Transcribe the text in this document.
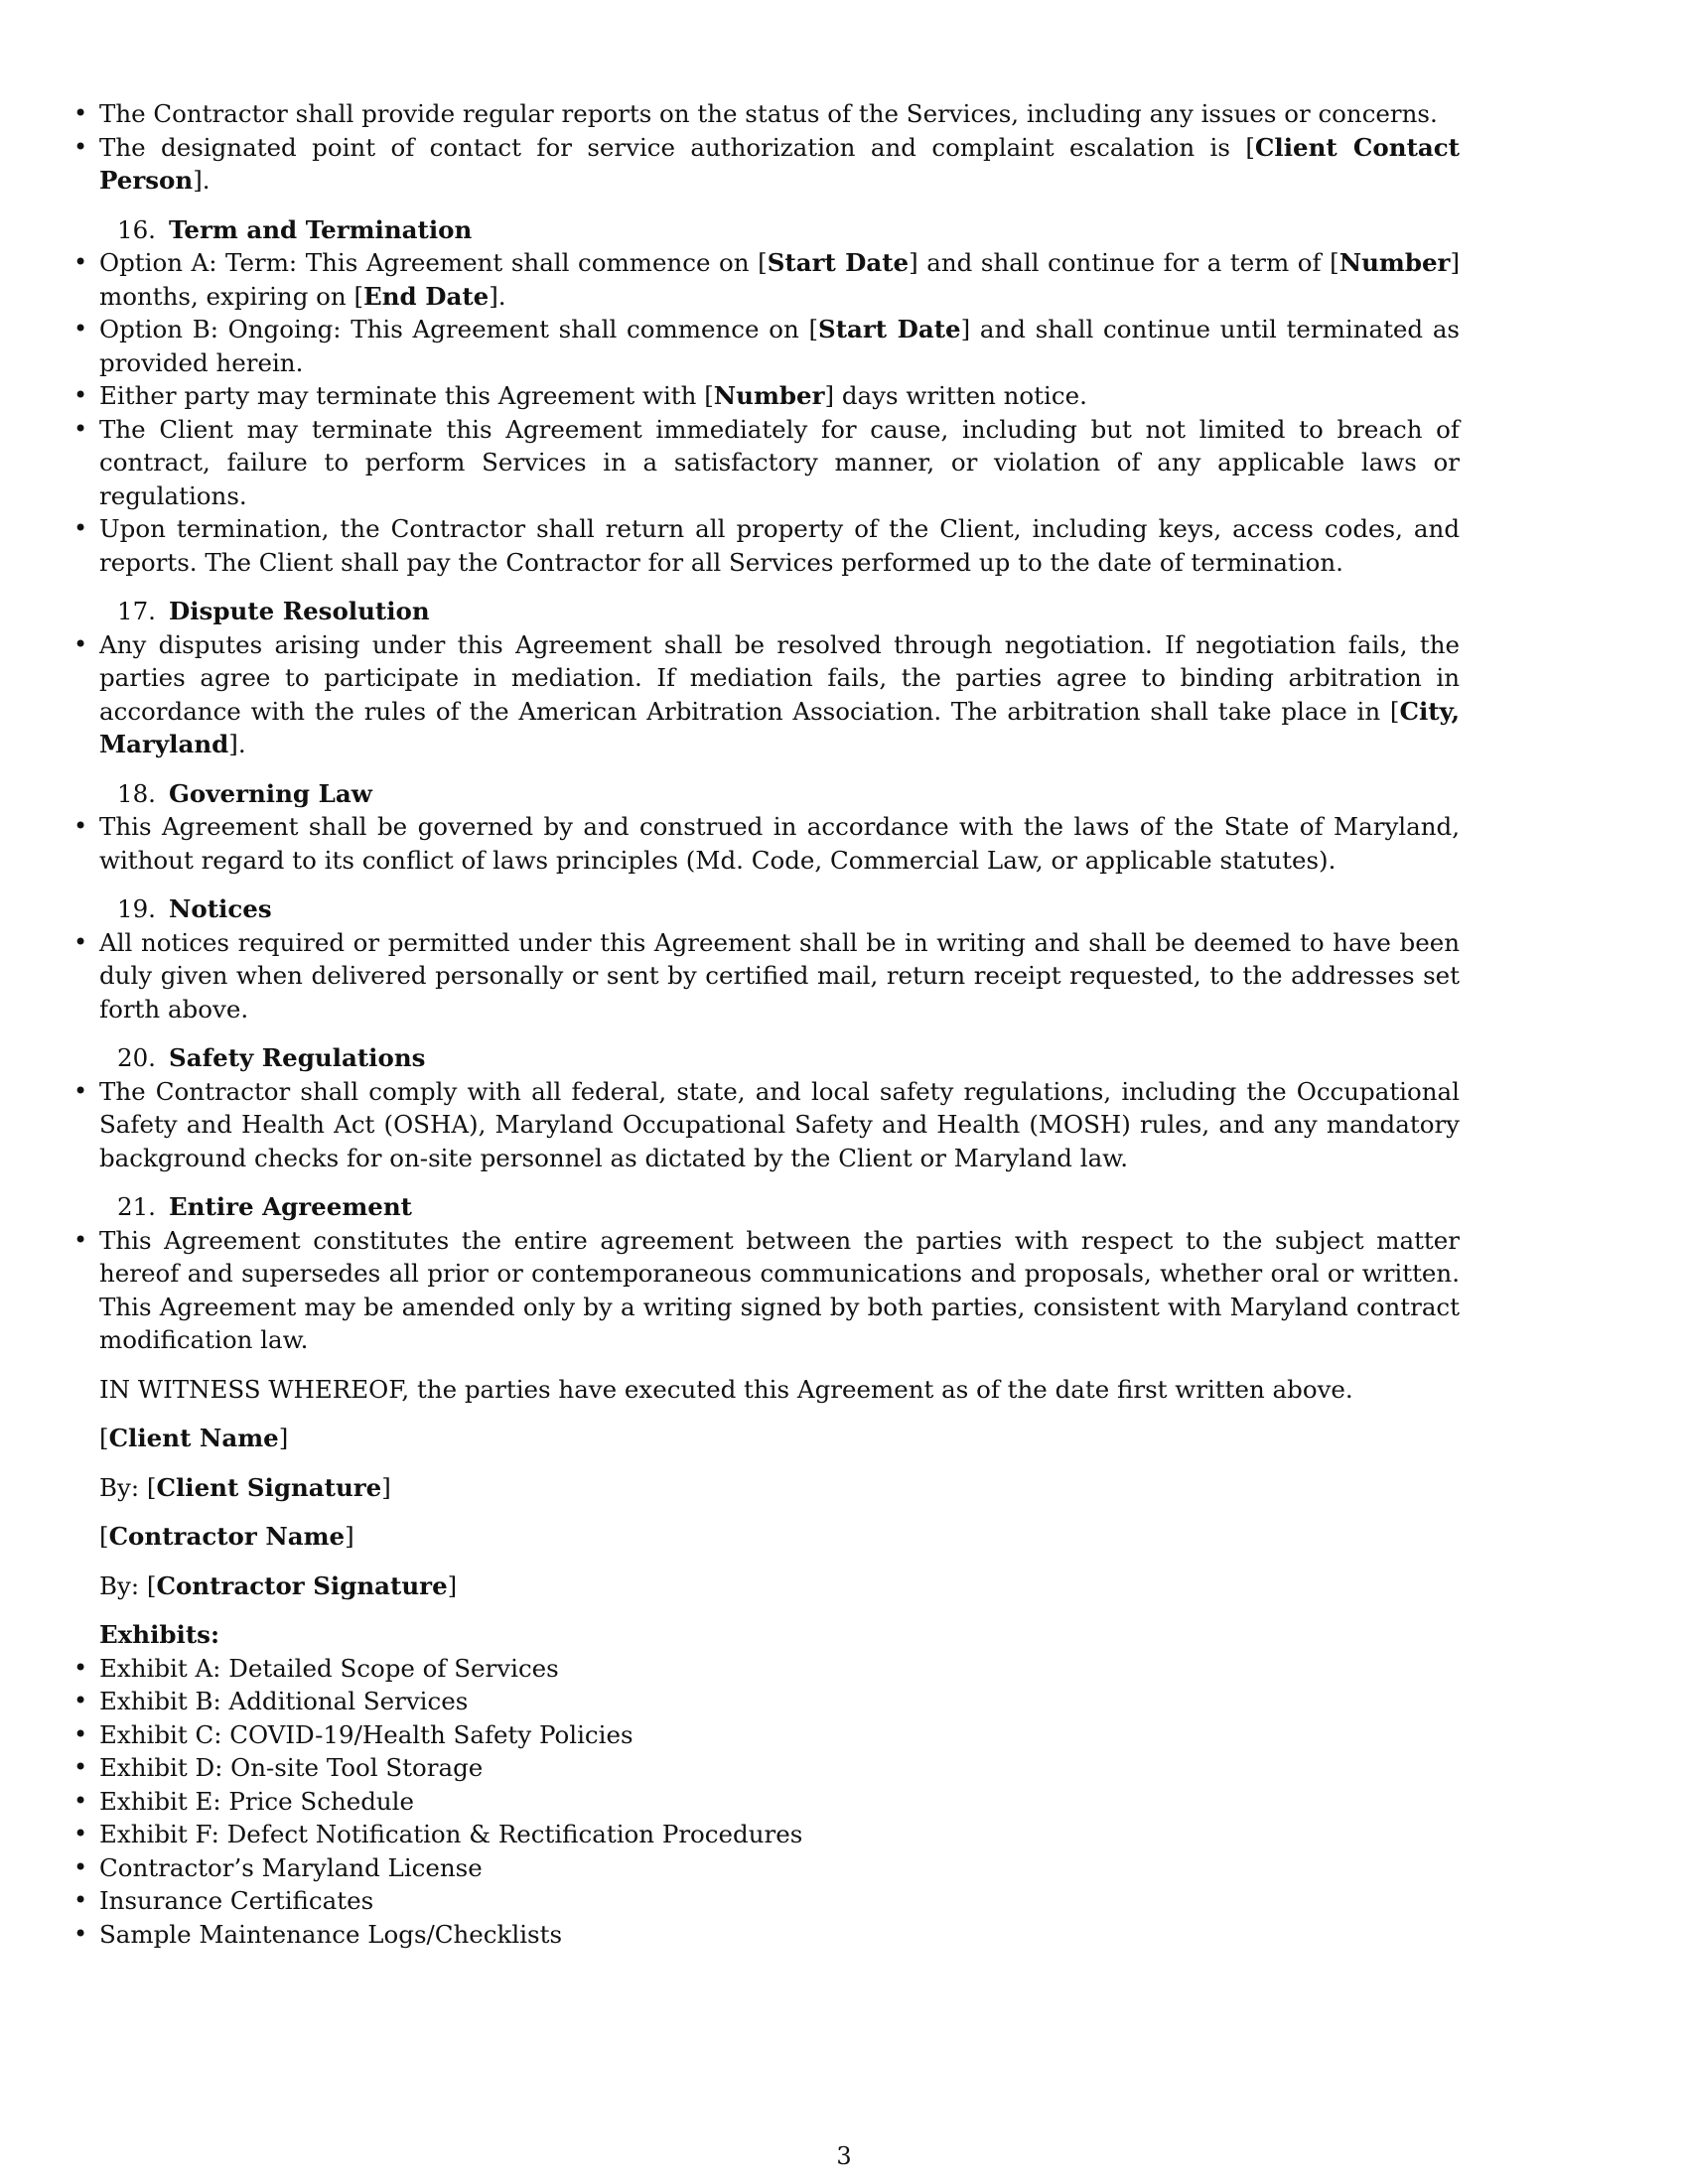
• The Contractor shall provide regular reports on the status of the Services, including any issues or concerns.
• The designated point of contact for service authorization and complaint escalation is [Client Contact Person].
16. Term and Termination
• Option A: Term: This Agreement shall commence on [Start Date] and shall continue for a term of [Number] months, expiring on [End Date].
• Option B: Ongoing: This Agreement shall commence on [Start Date] and shall continue until terminated as provided herein.
• Either party may terminate this Agreement with [Number] days written notice.
• The Client may terminate this Agreement immediately for cause, including but not limited to breach of contract, failure to perform Services in a satisfactory manner, or violation of any applicable laws or regulations.
• Upon termination, the Contractor shall return all property of the Client, including keys, access codes, and reports. The Client shall pay the Contractor for all Services performed up to the date of termination.
17. Dispute Resolution
• Any disputes arising under this Agreement shall be resolved through negotiation. If negotiation fails, the parties agree to participate in mediation. If mediation fails, the parties agree to binding arbitration in accordance with the rules of the American Arbitration Association. The arbitration shall take place in [City, Maryland].
18. Governing Law
• This Agreement shall be governed by and construed in accordance with the laws of the State of Maryland, without regard to its conflict of laws principles (Md. Code, Commercial Law, or applicable statutes).
19. Notices
• All notices required or permitted under this Agreement shall be in writing and shall be deemed to have been duly given when delivered personally or sent by certified mail, return receipt requested, to the addresses set forth above.
20. Safety Regulations
• The Contractor shall comply with all federal, state, and local safety regulations, including the Occupational Safety and Health Act (OSHA), Maryland Occupational Safety and Health (MOSH) rules, and any mandatory background checks for on-site personnel as dictated by the Client or Maryland law.
21. Entire Agreement
• This Agreement constitutes the entire agreement between the parties with respect to the subject matter hereof and supersedes all prior or contemporaneous communications and proposals, whether oral or written. This Agreement may be amended only by a writing signed by both parties, consistent with Maryland contract modification law.

IN WITNESS WHEREOF, the parties have executed this Agreement as of the date first written above.

[Client Name]
By: [Client Signature]
[Contractor Name]
By: [Contractor Signature]
Exhibits:
• Exhibit A: Detailed Scope of Services
• Exhibit B: Additional Services
• Exhibit C: COVID-19/Health Safety Policies
• Exhibit D: On-site Tool Storage
• Exhibit E: Price Schedule
• Exhibit F: Defect Notification & Rectification Procedures
• Contractor’s Maryland License
• Insurance Certificates
• Sample Maintenance Logs/Checklists
3
